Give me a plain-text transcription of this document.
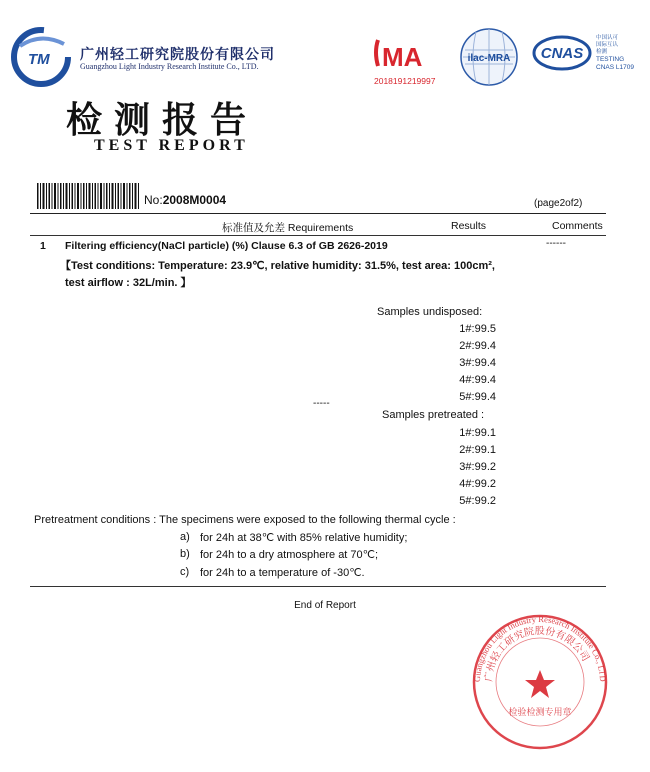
TM 广州轻工研究院股份有限公司
Guangzhou Light Industry Research Institute Co., LTD.	MA
2018191219997
ilac-MRA CNAS
中国认可
国际互认
检测
TESTING
CNAS L1709
检测报告
TEST REPORT
No:2008M0004	(page2of2)
标准值及允差 Requirements	Results	Comments
1 Filtering efficiency(NaCl particle) (%) Clause 6.3 of GB 2626-2019	------
【Test conditions: Temperature: 23.9℃, relative humidity: 31.5%, test area: 100cm²,
test airflow : 32L/min. 】
Samples undisposed:
1#:99.5
2#:99.4
3#:99.4
4#:99.4
5#:99.4
-----
Samples pretreated :
1#:99.1
2#:99.1
3#:99.2
4#:99.2
5#:99.2
Pretreatment conditions : The specimens were exposed to the following thermal cycle :
a) for 24h at 38℃ with 85% relative humidity;
b) for 24h to a dry atmosphere at 70℃;
c) for 24h to a temperature of -30℃.
End of Report
Guangzhou Light Industry Research Institute Co., LTD
广州轻工研究院股份有限公司
检验检测专用章
